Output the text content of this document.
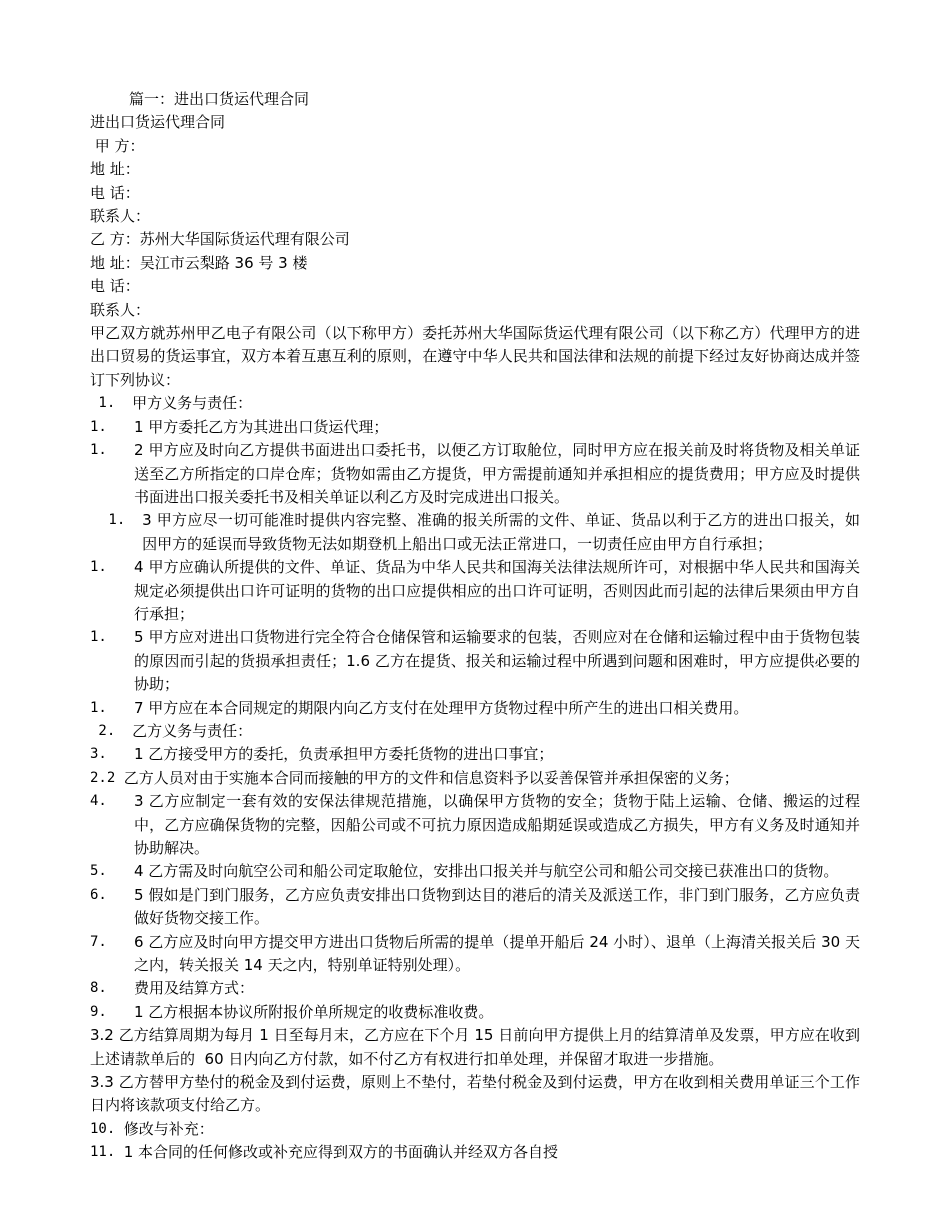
篇一：进出口货运代理合同
进出口货运代理合同
甲 方：
地 址：
电 话：
联系人：
乙 方：苏州大华国际货运代理有限公司
地 址：吴江市云梨路 36 号 3 楼
电 话：
联系人：
甲乙双方就苏州甲乙电子有限公司（以下称甲方）委托苏州大华国际货运代理有限公司（以下称乙方）代理甲方的进出口贸易的货运事宜，双方本着互惠互利的原则，在遵守中华人民共和国法律和法规的前提下经过友好协商达成并签订下列协议：
1. 甲方义务与责任：
1. 1 甲方委托乙方为其进出口货运代理；
1. 2 甲方应及时向乙方提供书面进出口委托书，以便乙方订取舱位，同时甲方应在报关前及时将货物及相关单证送至乙方所指定的口岸仓库；货物如需由乙方提货，甲方需提前通知并承担相应的提货费用；甲方应及时提供书面进出口报关委托书及相关单证以利乙方及时完成进出口报关。
1. 3 甲方应尽一切可能准时提供内容完整、准确的报关所需的文件、单证、货品以利于乙方的进出口报关，如因甲方的延误而导致货物无法如期登机上船出口或无法正常进口，一切责任应由甲方自行承担；
1. 4 甲方应确认所提供的文件、单证、货品为中华人民共和国海关法律法规所许可，对根据中华人民共和国海关规定必须提供出口许可证明的货物的出口应提供相应的出口许可证明，否则因此而引起的法律后果须由甲方自行承担；
1. 5 甲方应对进出口货物进行完全符合仓储保管和运输要求的包装，否则应对在仓储和运输过程中由于货物包装的原因而引起的货损承担责任；1.6 乙方在提货、报关和运输过程中所遇到问题和困难时，甲方应提供必要的协助；
1. 7 甲方应在本合同规定的期限内向乙方支付在处理甲方货物过程中所产生的进出口相关费用。
2. 乙方义务与责任：
3. 1 乙方接受甲方的委托，负责承担甲方委托货物的进出口事宜；
2.2 乙方人员对由于实施本合同而接触的甲方的文件和信息资料予以妥善保管并承担保密的义务；
4. 3 乙方应制定一套有效的安保法律规范措施，以确保甲方货物的安全；货物于陆上运输、仓储、搬运的过程中，乙方应确保货物的完整，因船公司或不可抗力原因造成船期延误或造成乙方损失，甲方有义务及时通知并协助解决。
5. 4 乙方需及时向航空公司和船公司定取舱位，安排出口报关并与航空公司和船公司交接已获准出口的货物。
6. 5 假如是门到门服务，乙方应负责安排出口货物到达目的港后的清关及派送工作，非门到门服务，乙方应负责做好货物交接工作。
7. 6 乙方应及时向甲方提交甲方进出口货物后所需的提单（提单开船后 24 小时）、退单（上海清关报关后 30 天之内，转关报关 14 天之内，特别单证特别处理）。
8. 费用及结算方式：
9. 1 乙方根据本协议所附报价单所规定的收费标准收费。
3.2 乙方结算周期为每月 1 日至每月末，乙方应在下个月 15 日前向甲方提供上月的结算清单及发票，甲方应在收到上述请款单后的  60 日内向乙方付款，如不付乙方有权进行扣单处理，并保留才取进一步措施。
3.3 乙方替甲方垫付的税金及到付运费，原则上不垫付，若垫付税金及到付运费，甲方在收到相关费用单证三个工作日内将该款项支付给乙方。
10. 修改与补充：
11. 1 本合同的任何修改或补充应得到双方的书面确认并经双方各自授
